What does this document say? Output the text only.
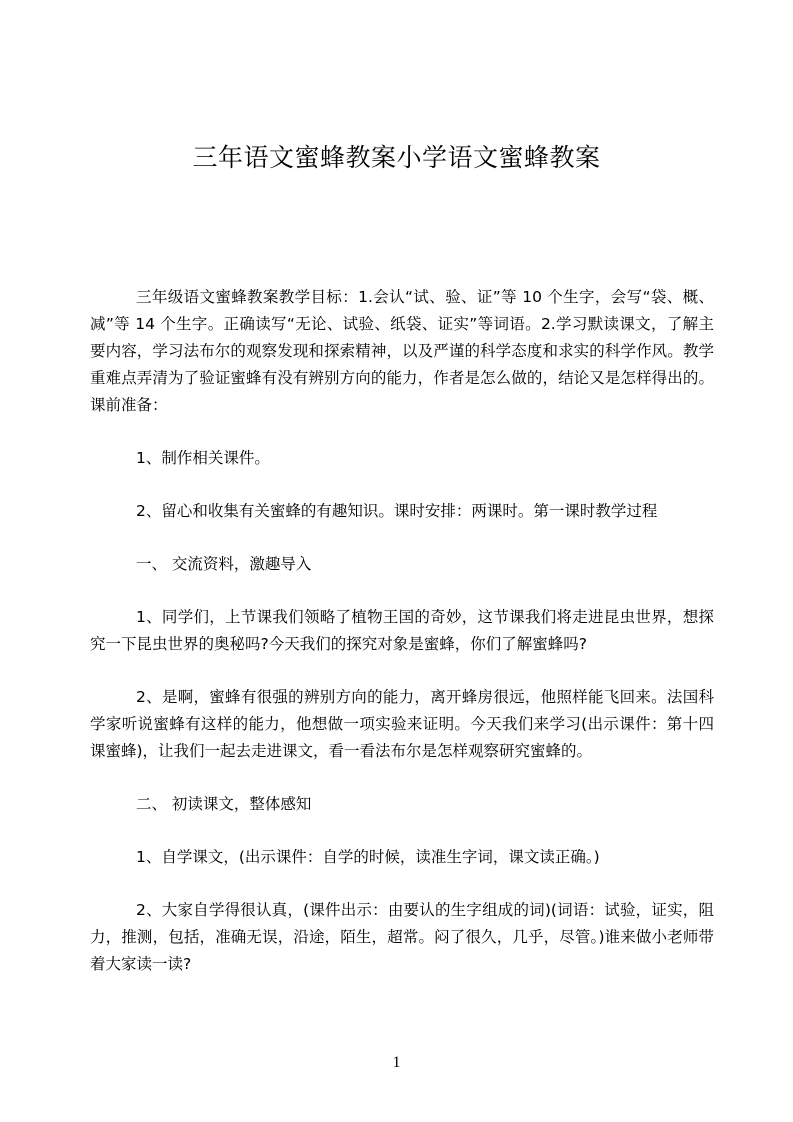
三年语文蜜蜂教案小学语文蜜蜂教案

三年级语文蜜蜂教案教学目标：1.会认“试、验、证”等 10 个生字，会写“袋、概、减”等 14 个生字。正确读写“无论、试验、纸袋、证实”等词语。2.学习默读课文，了解主要内容，学习法布尔的观察发现和探索精神，以及严谨的科学态度和求实的科学作风。教学重难点弄清为了验证蜜蜂有没有辨别方向的能力，作者是怎么做的，结论又是怎样得出的。课前准备：

1、制作相关课件。

2、留心和收集有关蜜蜂的有趣知识。课时安排：两课时。第一课时教学过程

一、 交流资料，激趣导入

1、同学们，上节课我们领略了植物王国的奇妙，这节课我们将走进昆虫世界，想探究一下昆虫世界的奥秘吗?今天我们的探究对象是蜜蜂，你们了解蜜蜂吗?

2、是啊，蜜蜂有很强的辨别方向的能力，离开蜂房很远，他照样能飞回来。法国科学家听说蜜蜂有这样的能力，他想做一项实验来证明。今天我们来学习(出示课件：第十四课蜜蜂)，让我们一起去走进课文，看一看法布尔是怎样观察研究蜜蜂的。

二、 初读课文，整体感知

1、自学课文，(出示课件：自学的时候，读准生字词，课文读正确。)

2、大家自学得很认真，(课件出示：由要认的生字组成的词)(词语：试验，证实，阻力，推测，包括，准确无误，沿途，陌生，超常。闷了很久，几乎，尽管。)谁来做小老师带着大家读一读?

1
